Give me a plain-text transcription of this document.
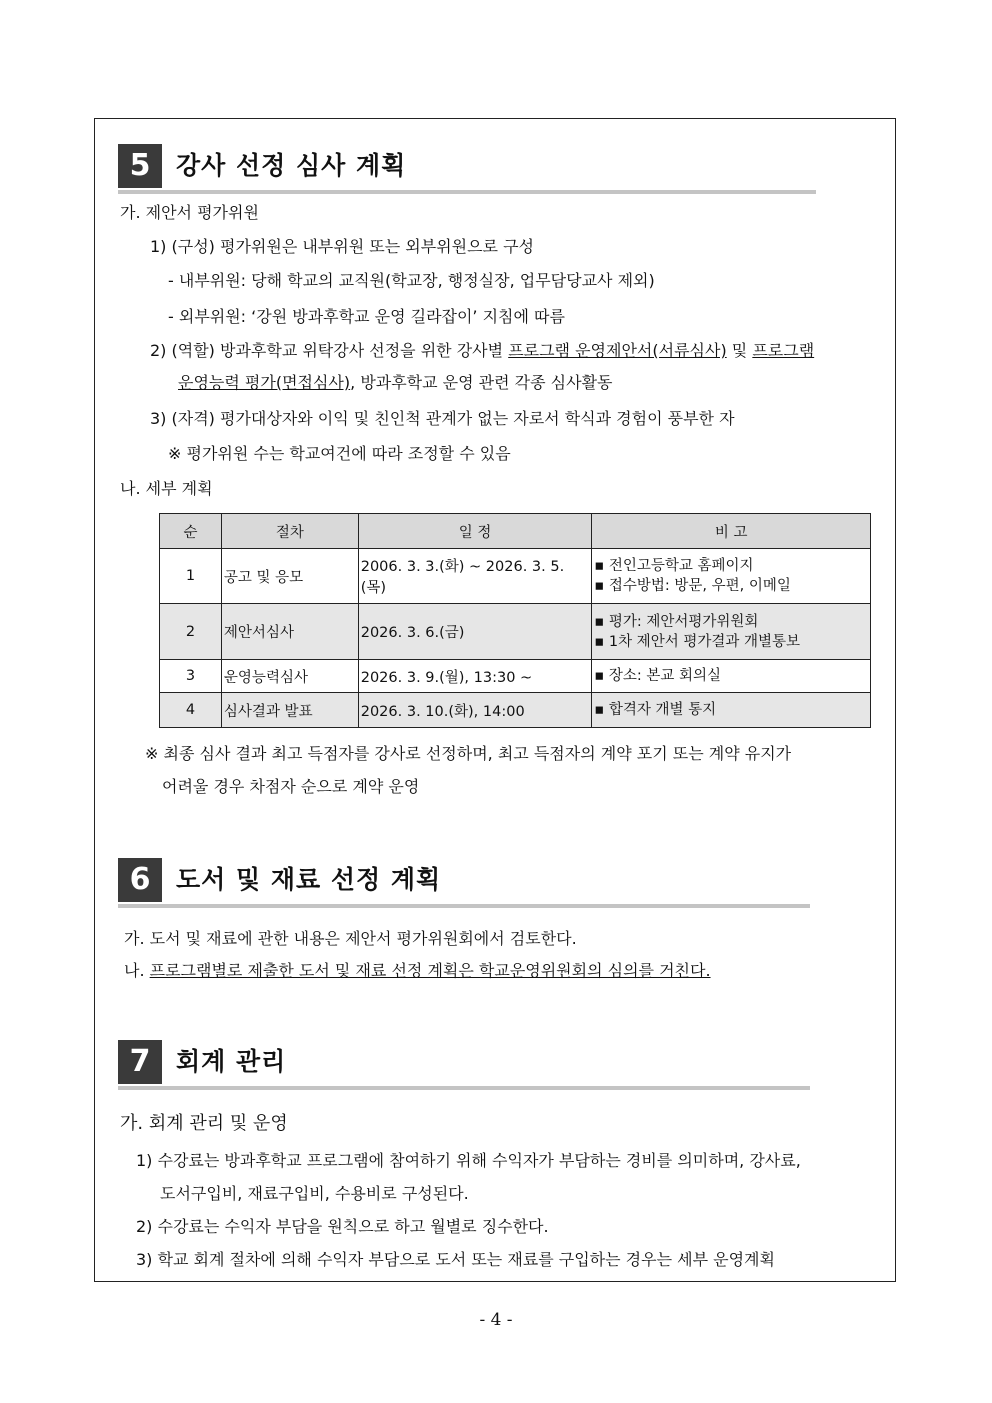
5	강사 선정 심사 계획
가. 제안서 평가위원
1) (구성) 평가위원은 내부위원 또는 외부위원으로 구성
- 내부위원: 당해 학교의 교직원(학교장, 행정실장, 업무담당교사 제외)
- 외부위원: ‘강원 방과후학교 운영 길라잡이’ 지침에 따름
2) (역할) 방과후학교 위탁강사 선정을 위한 강사별 프로그램 운영제안서(서류심사) 및 프로그램
운영능력 평가(면접심사), 방과후학교 운영 관련 각종 심사활동
3) (자격) 평가대상자와 이익 및 친인척 관계가 없는 자로서 학식과 경험이 풍부한 자
※ 평가위원 수는 학교여건에 따라 조정할 수 있음
나. 세부 계획
순	절차	일 정	비 고
1	공고 및 응모	2006. 3. 3.(화) ~ 2026. 3. 5.(목)	▪ 전인고등학교 홈페이지
▪ 접수방법: 방문, 우편, 이메일

2	제안서심사	2026. 3. 6.(금)	▪ 평가: 제안서평가위원회
▪ 1차 제안서 평가결과 개별통보

3	운영능력심사	2026. 3. 9.(월), 13:30 ~	▪ 장소: 본교 회의실

4	심사결과 발표	2026. 3. 10.(화), 14:00	▪ 합격자 개별 통지
※ 최종 심사 결과 최고 득점자를 강사로 선정하며, 최고 득점자의 계약 포기 또는 계약 유지가
어려울 경우 차점자 순으로 계약 운영
6	도서 및 재료 선정 계획
가. 도서 및 재료에 관한 내용은 제안서 평가위원회에서 검토한다.
나. 프로그램별로 제출한 도서 및 재료 선정 계획은 학교운영위원회의 심의를 거친다.
7	회계 관리
가. 회계 관리 및 운영
1) 수강료는 방과후학교 프로그램에 참여하기 위해 수익자가 부담하는 경비를 의미하며, 강사료,
도서구입비, 재료구입비, 수용비로 구성된다.
2) 수강료는 수익자 부담을 원칙으로 하고 월별로 징수한다.
3) 학교 회계 절차에 의해 수익자 부담으로 도서 또는 재료를 구입하는 경우는 세부 운영계획
- 4 -
